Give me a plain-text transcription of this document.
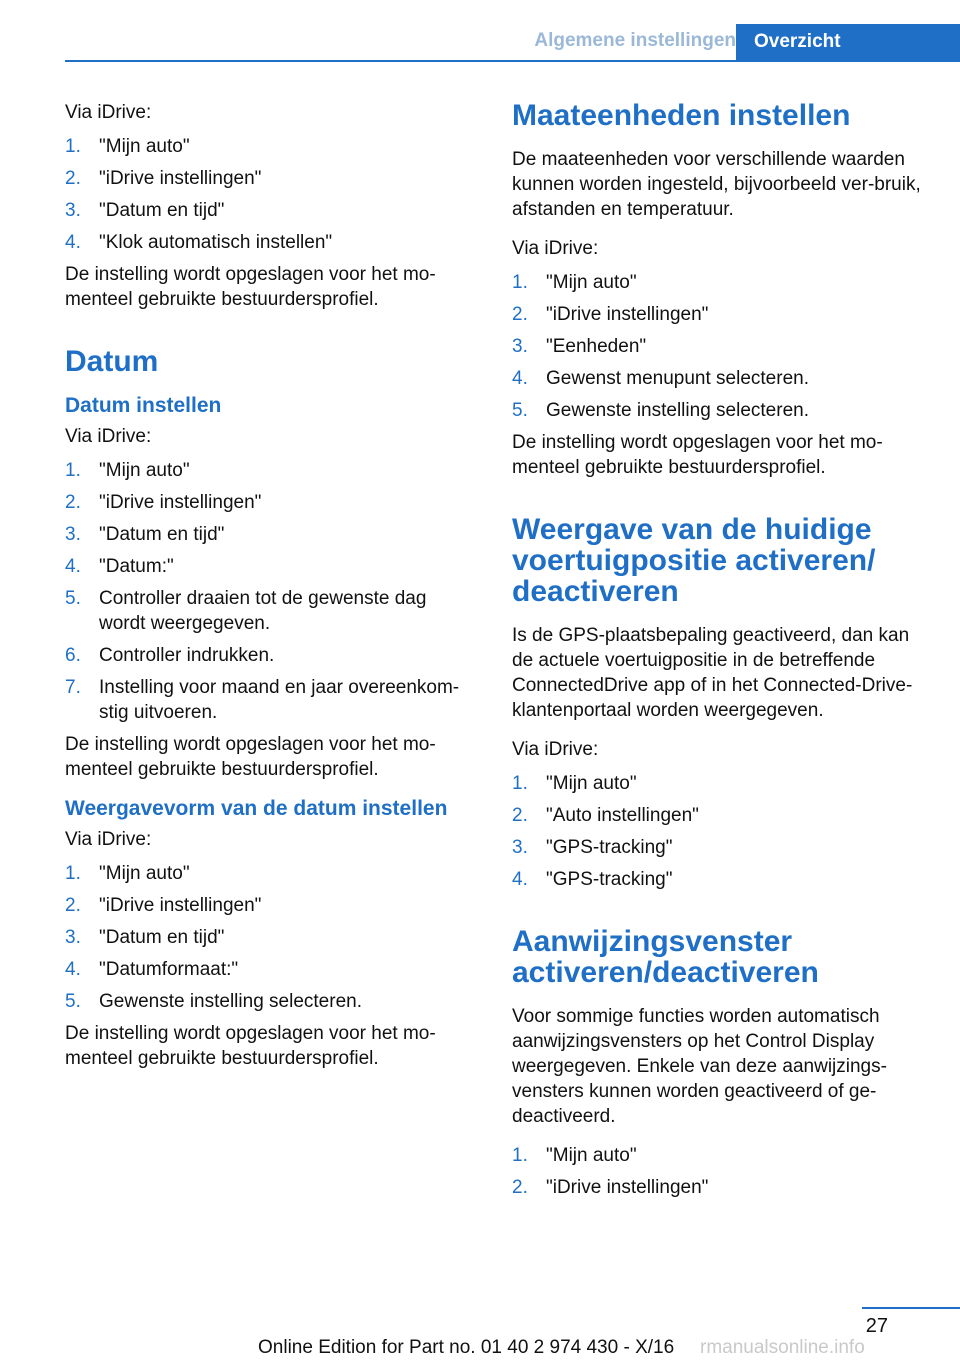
Algemene instellingen Overzicht

Via iDrive:

1. "Mijn auto"
2. "iDrive instellingen"
3. "Datum en tijd"
4. "Klok automatisch instellen"

De instelling wordt opgeslagen voor het mo‐menteel gebruikte bestuurdersprofiel.

Datum
Datum instellen

Via iDrive:

1. "Mijn auto"
2. "iDrive instellingen"
3. "Datum en tijd"
4. "Datum:"
5. Controller draaien tot de gewenste dag wordt weergegeven.
6. Controller indrukken.
7. Instelling voor maand en jaar overeenkom‐stig uitvoeren.

De instelling wordt opgeslagen voor het mo‐menteel gebruikte bestuurdersprofiel.

Weergavevorm van de datum instellen

Via iDrive:

1. "Mijn auto"
2. "iDrive instellingen"
3. "Datum en tijd"
4. "Datumformaat:"
5. Gewenste instelling selecteren.

De instelling wordt opgeslagen voor het mo‐menteel gebruikte bestuurdersprofiel.

Maateenheden instellen

De maateenheden voor verschillende waarden kunnen worden ingesteld, bijvoorbeeld ver‐bruik, afstanden en temperatuur.

Via iDrive:

1. "Mijn auto"
2. "iDrive instellingen"
3. "Eenheden"
4. Gewenst menupunt selecteren.
5. Gewenste instelling selecteren.

De instelling wordt opgeslagen voor het mo‐menteel gebruikte bestuurdersprofiel.

Weergave van de huidige voertuigpositie activeren/ deactiveren

Is de GPS-plaatsbepaling geactiveerd, dan kan de actuele voertuigpositie in de betreffende ConnectedDrive app of in het Connected‐Drive-klantenportaal worden weergegeven.

Via iDrive:

1. "Mijn auto"
2. "Auto instellingen"
3. "GPS-tracking"
4. "GPS-tracking"
Aanwijzingsvenster activeren/deactiveren

Voor sommige functies worden automatisch aanwijzingsvensters op het Control Display weergegeven. Enkele van deze aanwijzings‐vensters kunnen worden geactiveerd of ge‐deactiveerd.

1. "Mijn auto"
2. "iDrive instellingen"
27
Online Edition for Part no. 01 40 2 974 430 - X/16 rmanualsonline.info
